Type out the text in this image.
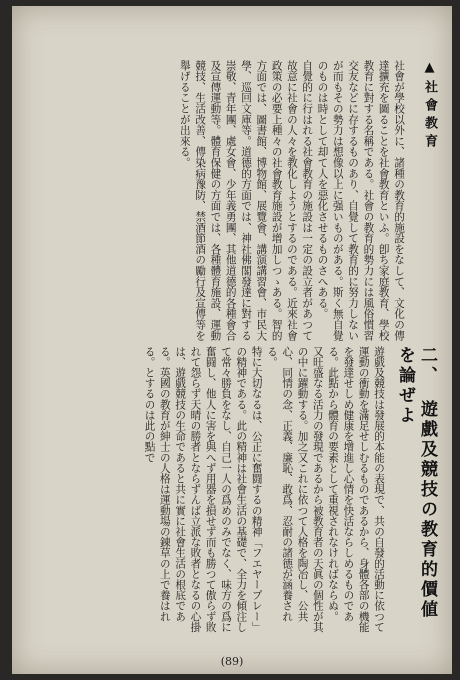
▲社會教育

社會が學校以外に、諸種の教育的施設をなして、文化の傳達擴充を圖ることを社會教育といふ。卽ち家庭教育、學校教育に對する名稱である。社會の教育的勢力には風俗慣習交友などに存するものあり、自覺して教育的に努力しないが而もその勢力は想像以上に强いものがある。斯く無自覺のものは時として却て人を惡化させるものさへある。

自覺的に行はれる社會教育の施設は一定の設立者があつて故意に社會の人々を教化しようとするのである。近來社會政策の必要上種々の社會教育施設が增加しつゝある。智的方面では、圖書館、博物館、展覽會、講演講習會、市民大學、巡回文庫等。道德的方面では、神社佛閣發達に對する崇敬、青年團、處女會、少年義勇團、其他道德的各種會合及宣傳運動等。體育保健の方面では、各種體育施設、運動競技、生活改善、傳染病豫防、禁酒節酒の勵行及宣傳等を舉げることが出來る。

二、遊戲及競技の教育的價値を論ぜよ

遊戲及競技は發展的本能の表現で、共の自發的活動に依つて運動の衝動を滿足せしむるものであるから、身體各部の機能を發達せしめ健康を增進し心情を快活ならしめるものである。此點から體育の要素として重視されなければならぬ。

又旺盛なる活力の發現であるから被教育者の天眞の個性が其の中に躍動する。加之又これに依つて人格を陶冶し、公共心、同情の念、正義、廉恥、敢爲、忍耐の諸德が涵養される。

特に大切なるは、公正に奮闘するの精神「フエヤープレー」の精神である。此の精神は社會生活の基礎で、全力を傾注して常々勝負をなし、自己一人の爲めのみでなく、味方の爲に奮闘し、他人に害を與へず用器を損せず而も勝つて傲らず敗れて怨らず天晴の勝者とならずんば立派な敗者となるの心掛は、遊戲競技の生命であると共に實に社會生活の根底である。英國の教育が紳士の人格は運動場の錬草の上で養はれる。とするのは此の點で

(89)
